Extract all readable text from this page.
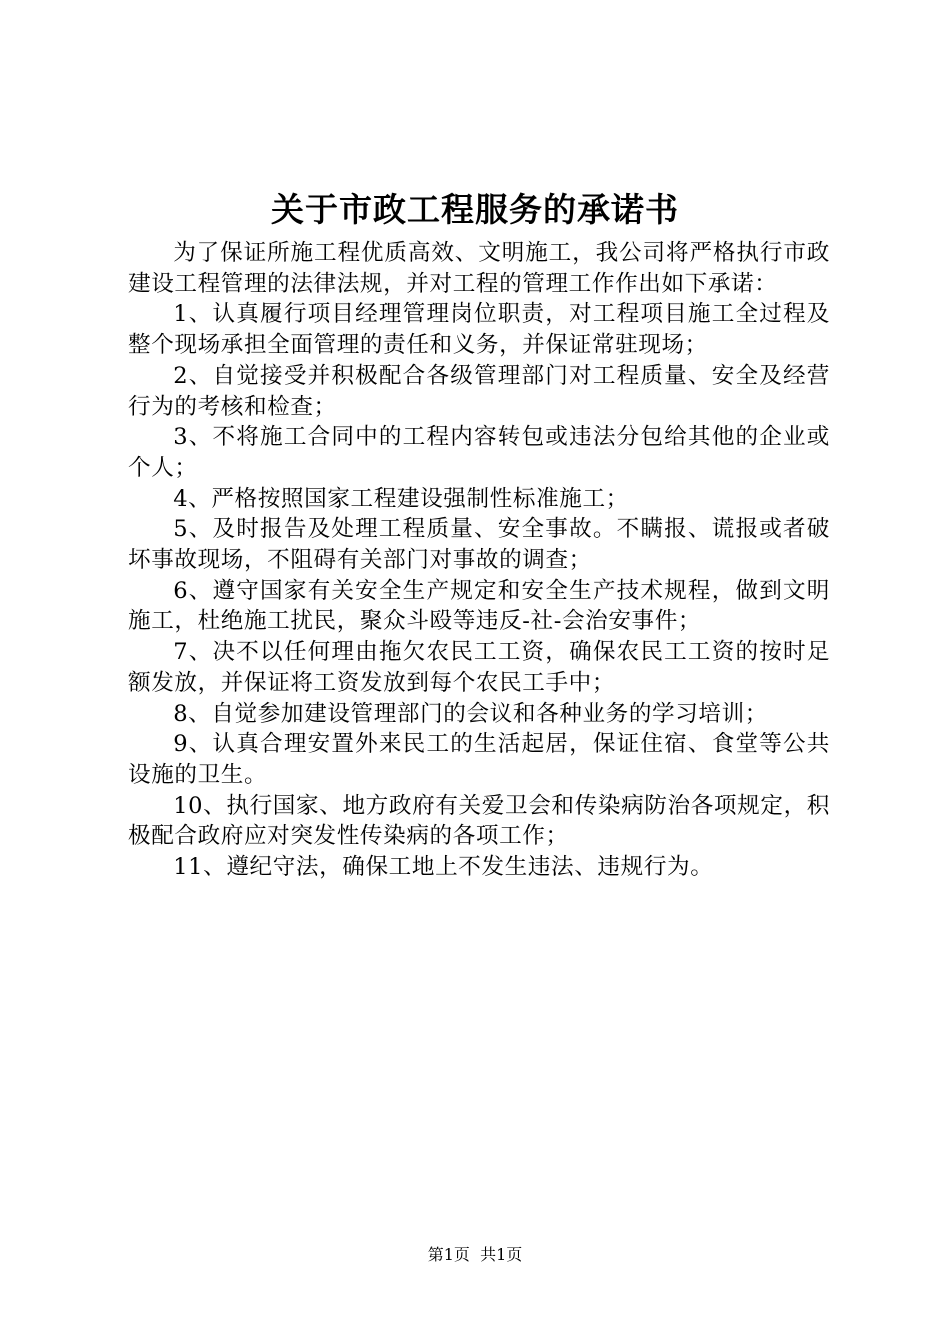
关于市政工程服务的承诺书

为了保证所施工程优质高效、文明施工，我公司将严格执行市政建设工程管理的法律法规，并对工程的管理工作作出如下承诺：

1、认真履行项目经理管理岗位职责，对工程项目施工全过程及整个现场承担全面管理的责任和义务，并保证常驻现场；

2、自觉接受并积极配合各级管理部门对工程质量、安全及经营行为的考核和检查；

3、不将施工合同中的工程内容转包或违法分包给其他的企业或个人；

4、严格按照国家工程建设强制性标准施工；

5、及时报告及处理工程质量、安全事故。不瞒报、谎报或者破坏事故现场，不阻碍有关部门对事故的调查；

6、遵守国家有关安全生产规定和安全生产技术规程，做到文明施工，杜绝施工扰民，聚众斗殴等违反-社-会治安事件；

7、决不以任何理由拖欠农民工工资，确保农民工工资的按时足额发放，并保证将工资发放到每个农民工手中；

8、自觉参加建设管理部门的会议和各种业务的学习培训；

9、认真合理安置外来民工的生活起居，保证住宿、食堂等公共设施的卫生。

10、执行国家、地方政府有关爱卫会和传染病防治各项规定，积极配合政府应对突发性传染病的各项工作；

11、遵纪守法，确保工地上不发生违法、违规行为。

第1页  共1页
